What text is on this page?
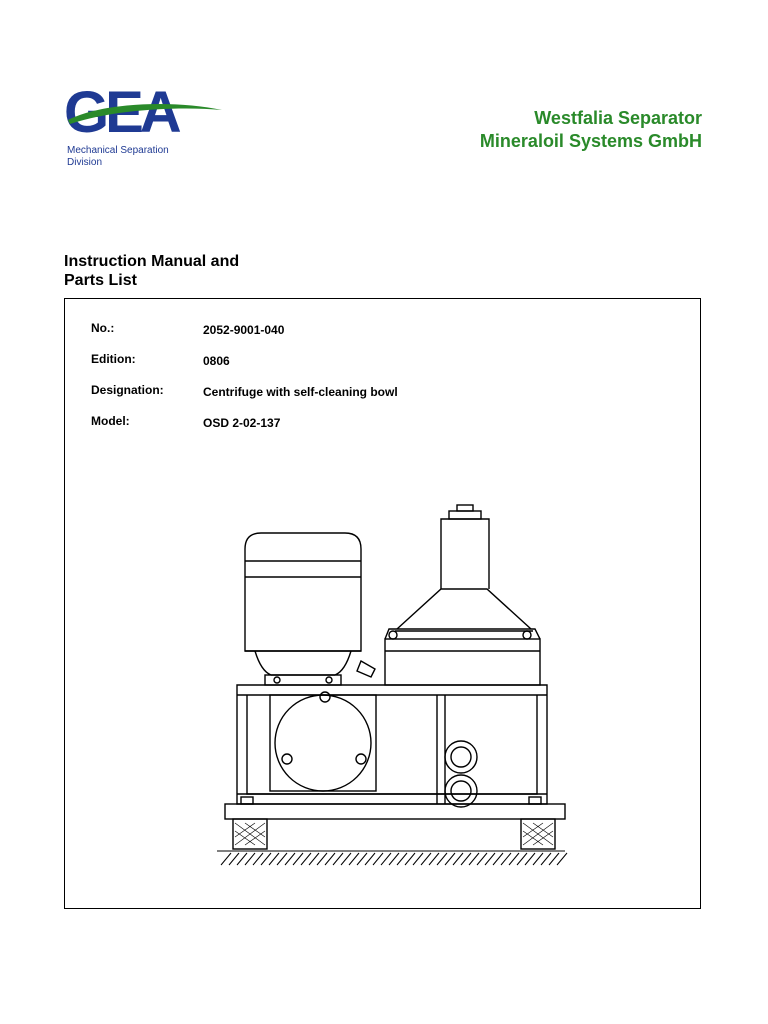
GEA
Mechanical Separation
Division
Westfalia Separator
Mineraloil Systems GmbH
Instruction Manual and
Parts List
No.:	2052-9001-040
Edition:	0806
Designation:	Centrifuge with self-cleaning bowl
Model:	OSD 2-02-137
